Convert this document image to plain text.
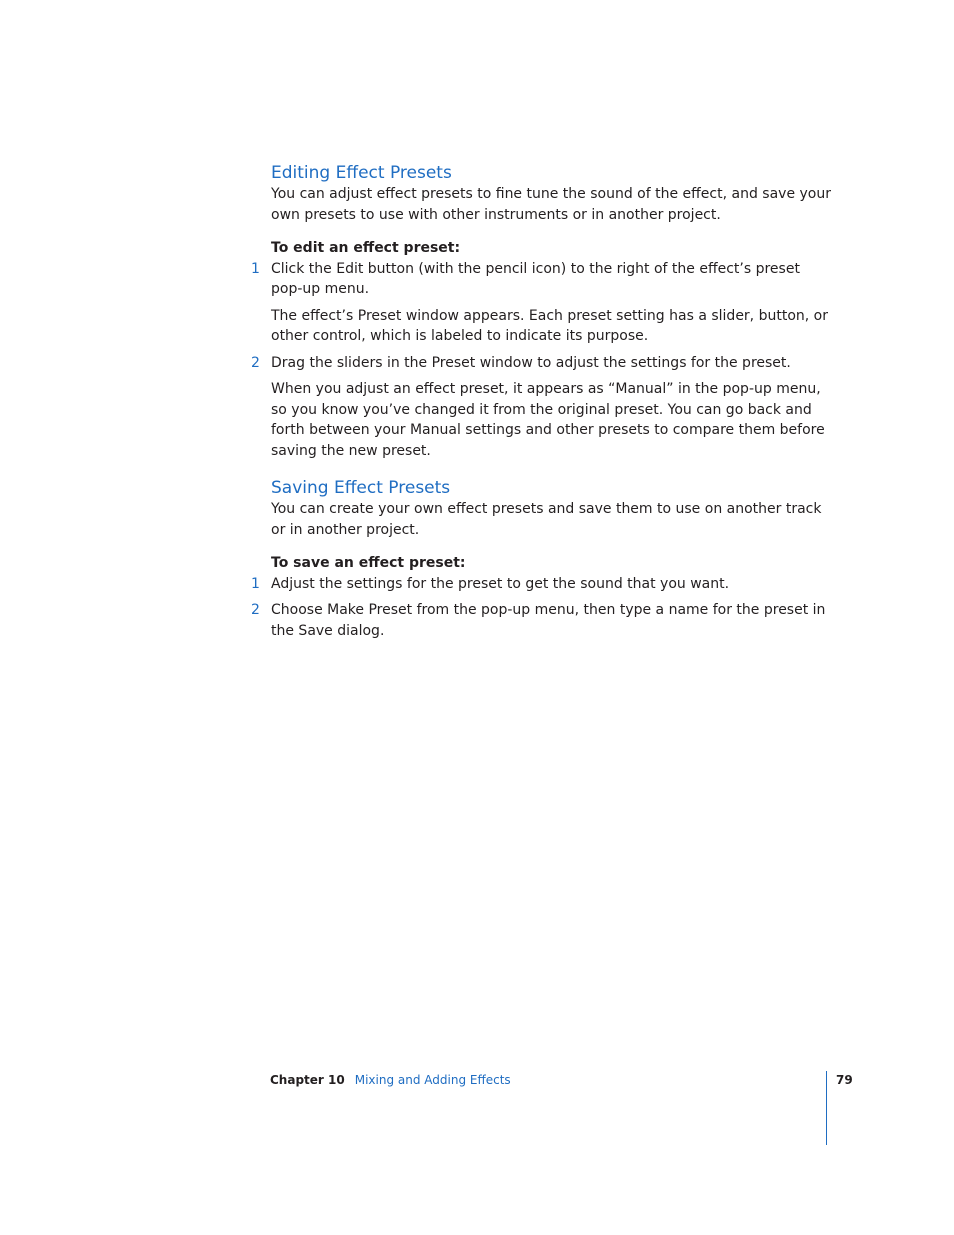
Editing Effect Presets

You can adjust effect presets to fine tune the sound of the effect, and save your own presets to use with other instruments or in another project.

To edit an effect preset:

1 Click the Edit button (with the pencil icon) to the right of the effect’s preset pop-up menu.

The effect’s Preset window appears. Each preset setting has a slider, button, or other control, which is labeled to indicate its purpose.

2 Drag the sliders in the Preset window to adjust the settings for the preset.

When you adjust an effect preset, it appears as “Manual” in the pop-up menu, so you know you’ve changed it from the original preset. You can go back and forth between your Manual settings and other presets to compare them before saving the new preset.

Saving Effect Presets

You can create your own effect presets and save them to use on another track or in another project.

To save an effect preset:

1 Adjust the settings for the preset to get the sound that you want.

2 Choose Make Preset from the pop-up menu, then type a name for the preset in the Save dialog.

Chapter 10 Mixing and Adding Effects	79
